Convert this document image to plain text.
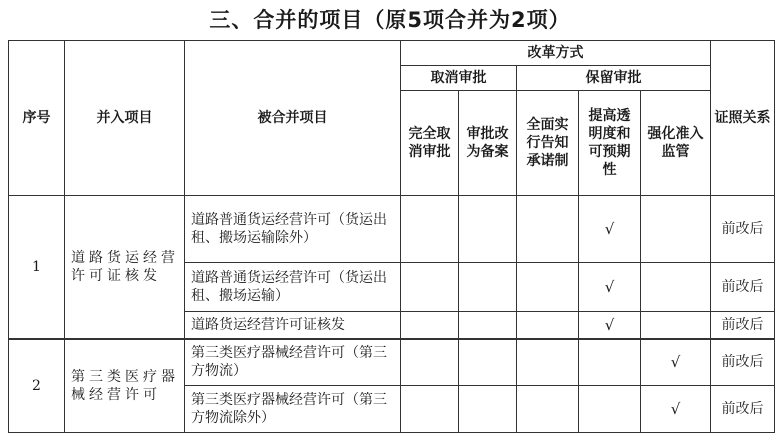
三、合并的项目（原5项合并为2项）
序号	并入项目	被合并项目	改革方式					证照关系
			取消审批		保留审批			
			完全取消审批	审批改为备案	全面实行告知承诺制	提高透明度和可预期性	强化准入监管	

1	道路货运经营许可证核发	道路普通货运经营许可（货运出租、搬场运输除外）				√		前改后
		道路普通货运经营许可（货运出租、搬场运输）				√		前改后
		道路货运经营许可证核发				√		前改后
2	第三类医疗器械经营许可	第三类医疗器械经营许可（第三方物流）					√	前改后
		第三类医疗器械经营许可（第三方物流除外）					√	前改后
